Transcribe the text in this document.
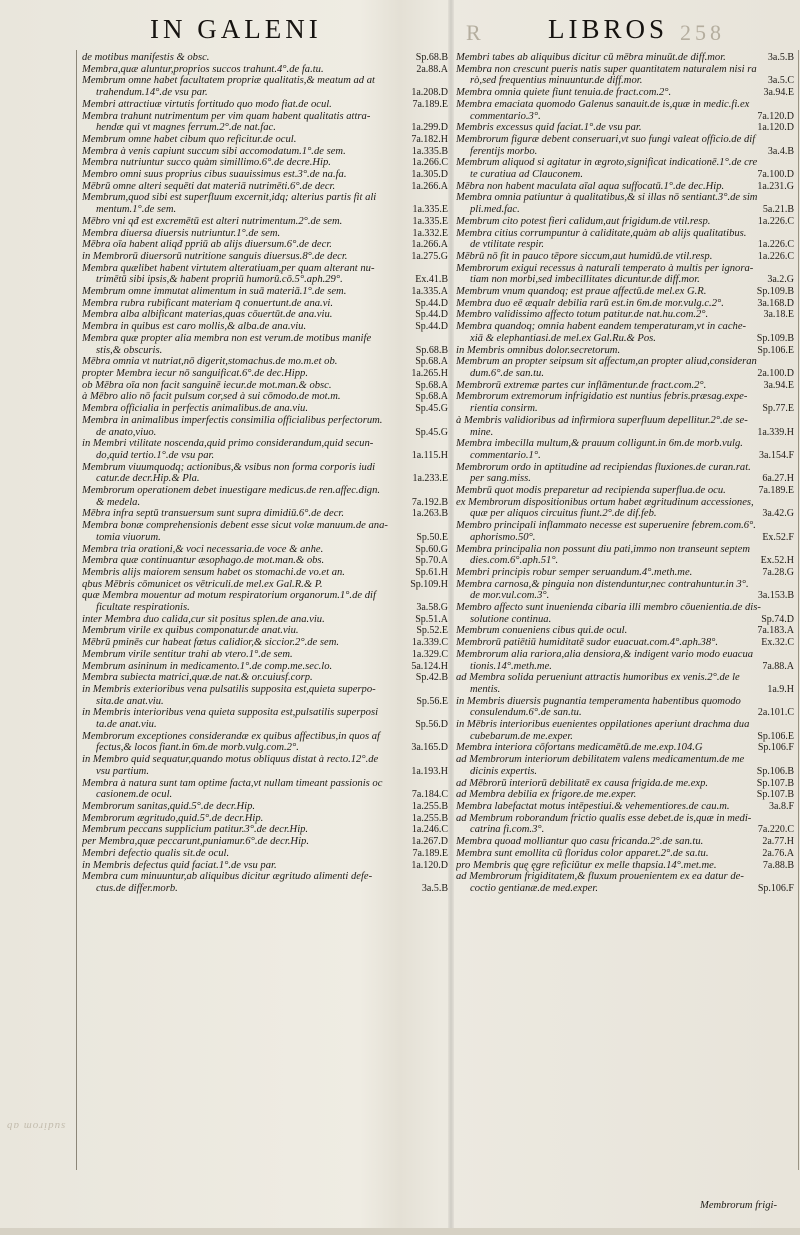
258
R
IN GALENI	LIBROS
de motibus manifestis & obsc.	Sp.68.B
Membra,quæ aluntur,proprios succos trahunt.4°.de fa.tu.	2a.88.A
Membrum omne habet facultatem propriæ qualitatis,& meatum ad at
trahendum.14°.de vsu par.	1a.208.D
Membri attractiuæ virtutis fortitudo quo modo fiat.de ocul.	7a.189.E
Membra trahunt nutrimentum per vim quam habent qualitatis attra-
hendæ qui vt magnes ferrum.2°.de nat.fac.	1a.299.D
Membrum omne habet cibum quo reficitur.de ocul.	7a.182.H
Membra à venis capiunt succum sibi accomodatum.1°.de sem.	1a.335.B
Membra nutriuntur succo quàm simillimo.6°.de decre.Hip.	1a.266.C
Membro omni suus proprius cibus suauissimus est.3°.de na.fa.	1a.305.D
Mēbrū omne alteri sequēti dat materiā nutrimēti.6°.de decr.	1a.266.A
Membrum,quod sibi est superfluum excernit,idq; alterius partis fit ali
mentum.1°.de sem.	1a.335.E
Mēbro vni qđ est excremētū est alteri nutrimentum.2°.de sem.	1a.335.E
Membra diuersa diuersis nutriuntur.1°.de sem.	1a.332.E
Mēbra oīa habent aliqđ ppriū ab alijs diuersum.6°.de decr.	1a.266.A
in Membrorū diuersorū nutritione sanguis diuersus.8°.de decr.	1a.275.G
Membra quælibet habent virtutem alteratiuam,per quam alterant nu-
trimētū sibi ipsis,& habent propriū humorū.cō.5°.aph.29°.	Ex.41.B
Membrum omne immutat alimentum in suā materiā.1°.de sem.	1a.335.A
Membra rubra rubificant materiam q̄ conuertunt.de ana.vi.	Sp.44.D
Membra alba albificant materias,quas cōuertūt.de ana.viu.	Sp.44.D
Membra in quibus est caro mollis,& alba.de ana.viu.	Sp.44.D
Membra quæ propter alia membra non est verum.de motibus manife
stis,& obscuris.	Sp.68.B
Mēbra omnia vt nutriat,nō digerit,stomachus.de mo.m.et ob.	Sp.68.A
propter Membra iecur nō sanguificat.6°.de dec.Hipp.	1a.265.H
ob Mēbra oīa non facit sanguinē iecur.de mot.man.& obsc.	Sp.68.A
à Mēbro alio nō facit pulsum cor,sed à sui cōmodo.de mot.m.	Sp.68.A
Membra officialia in perfectis animalibus.de ana.viu.	Sp.45.G
Membra in animalibus imperfectis consimilia officialibus perfectorum.
de anato,viuo.	Sp.45.G
in Membri vtilitate noscenda,quid primo considerandum,quid secun-
do,quid tertio.1°.de vsu par.	1a.115.H
Membrum viuumquodq; actionibus,& vsibus non forma corporis iudi
catur.de decr.Hip.& Pla.	1a.233.E
Membrorum operationem debet inuestigare medicus.de ren.affec.dign.
& medela.	7a.192.B
Mēbra infra septū transuersum sunt supra dimidiū.6°.de decr.	1a.263.B
Membra bonæ comprehensionis debent esse sicut volæ manuum.de ana-
tomia viuorum.	Sp.50.E
Membra tria orationi,& voci necessaria.de voce & anhe.	Sp.60.G
Membra quæ continuantur æsophago.de mot.man.& obs.	Sp.70.A
Membris alijs maiorem sensum habet os stomachi.de vo.et an.	Sp.61.H
qbus Mēbris cōmunicet os vētriculi.de mel.ex Gal.R.& P.	Sp.109.H
quæ Membra mouentur ad motum respiratorium organorum.1°.de dif
ficultate respirationis.	3a.58.G
inter Membra duo calida,cur sit positus splen.de ana.viu.	Sp.51.A
Membrum virile ex quibus componatur.de anat.viu.	Sp.52.E
Mēbrū pminēs cur habeat fœtus calidior,& siccior.2°.de sem.	1a.339.C
Membrum virile sentitur trahi ab vtero.1°.de sem.	1a.329.C
Membrum asininum in medicamento.1°.de comp.me.sec.lo.	5a.124.H
Membra subiecta matrici,quæ.de nat.& or.cuiusf.corp.	Sp.42.B
in Membris exterioribus vena pulsatilis supposita est,quieta superpo-
sita.de anat.viu.	Sp.56.E
in Membris interioribus vena quieta supposita est,pulsatilis superposi
ta.de anat.viu.	Sp.56.D
Membrorum exceptiones considerandæ ex quibus affectibus,in quos af
fectus,& locos fiant.in 6m.de morb.vulg.com.2°.	3a.165.D
in Membro quid sequatur,quando motus obliquus distat à recto.12°.de
vsu partium.	1a.193.H
Membra à natura sunt tam optime facta,vt nullam timeant passionis oc
casionem.de ocul.	7a.184.C
Membrorum sanitas,quid.5°.de decr.Hip.	1a.255.B
Membrorum ægritudo,quid.5°.de decr.Hip.	1a.255.B
Membrum peccans supplicium patitur.3°.de decr.Hip.	1a.246.C
per Membra,quæ peccarunt,puniamur.6°.de decr.Hip.	1a.267.D
Membri defectio qualis sit.de ocul.	7a.189.E
in Membris defectus quid faciat.1°.de vsu par.	1a.120.D
Membra cum minuuntur,ab aliquibus dicitur ægritudo alimenti defe-
ctus.de differ.morb.	3a.5.B
Membri tabes ab aliquibus dicitur cū mēbra minuūt.de diff.mor.	3a.5.B
Membra non crescunt pueris natis super quantitatem naturalem nisi ra
rò,sed frequentius minuuntur.de diff.mor.	3a.5.C
Membra omnia quiete fiunt tenuia.de fract.com.2°.	3a.94.E
Membra emaciata quomodo Galenus sanauit.de is,quæ in medic.fi.ex
commentario.3°.	7a.120.D
Membris excessus quid faciat.1°.de vsu par.	1a.120.D
Membrorum figuræ debent conseruari,vt suo fungi valeat officio.de dif
ferentijs morbo.	3a.4.B
Membrum aliquod si agitatur in ægroto,significat indicationē.1°.de cre
te curatiua ad Clauconem.	7a.100.D
Mēbra non habent maculata aīal aqua suffocatū.1°.de dec.Hip.	1a.231.G
Membra omnia patiuntur à qualitatibus,& si illas nō sentiant.3°.de sim
pli.med.fac.	5a.21.B
Membrum cito potest fieri calidum,aut frigidum.de vtil.resp.	1a.226.C
Membra citius corrumpuntur à caliditate,quàm ab alijs qualitatibus.
de vtilitate respir.	1a.226.C
Mēbrū nō fit in pauco tēpore siccum,aut humidū.de vtil.resp.	1a.226.C
Membrorum exigui recessus à naturali temperato à multis per ignora-
tiam non morbi,sed imbecillitates dicuntur.de diff.mor.	3a.2.G
Membrum vnum quandoq; est praue affectū.de mel.ex G.R.	Sp.109.B
Membra duo eē æqualr debilia rarū est.in 6m.de mor.vulg.c.2°.	3a.168.D
Membro validissimo affecto totum patitur.de nat.hu.com.2°.	3a.18.E
Membra quandoq; omnia habent eandem temperaturam,vt in cache-
xiā & elephantiasi.de mel.ex Gal.Ru.& Pos.	Sp.109.B
in Membris omnibus dolor.secretorum.	Sp.106.E
Membrum an propter seipsum sit affectum,an propter aliud,consideran
dum.6°.de san.tu.	2a.100.D
Membrorū extremæ partes cur inflāmentur.de fract.com.2°.	3a.94.E
Membrorum extremorum infrigidatio est nuntius febris.præsag.expe-
rientia consirm.	Sp.77.E
à Membris validioribus ad infirmiora superfluum depellitur.2°.de se-
mine.	1a.339.H
Membra imbecilla multum,& prauum colligunt.in 6m.de morb.vulg.
commentario.1°.	3a.154.F
Membrorum ordo in aptitudine ad recipiendas fluxiones.de curan.rat.
per sang.miss.	6a.27.H
Membrū quot modis preparetur ad recipienda superflua.de ocu.	7a.189.E
ex Membrorum dispositionibus ortum habet ægritudinum accessiones,
quæ per aliquos circuitus fiunt.2°.de dif.feb.	3a.42.G
Membro principali inflammato necesse est superuenire febrem.com.6°.
aphorismo.50°.	Ex.52.F
Membra principalia non possunt diu pati,immo non transeunt septem
dies.com.6°.aph.51°.	Ex.52.H
Membri principis robur semper seruandum.4°.meth.me.	7a.28.G
Membra carnosa,& pinguia non distenduntur,nec contrahuntur.in 3°.
de mor.vul.com.3°.	3a.153.B
Membro affecto sunt inuenienda cibaria illi membro cōuenientia.de dis-
solutione continua.	Sp.74.D
Membrum conueniens cibus qui.de ocul.	7a.183.A
Membrorū patiētiū humiditatē sudor euacuat.com.4°.aph.38°.	Ex.32.C
Membrorum alia rariora,alia densiora,& indigent vario modo euacua
tionis.14°.meth.me.	7a.88.A
ad Membra solida perueniunt attractis humoribus ex venis.2°.de le
mentis.	1a.9.H
in Membris diuersis pugnantia temperamenta habentibus quomodo
consulendum.6°.de san.tu.	2a.101.C
in Mēbris interioribus euenientes oppilationes aperiunt drachma dua
cubebarum.de me.exper.	Sp.106.E
Membra interiora cōfortans medicamētū.de me.exp.104.G	Sp.106.F
ad Membrorum interiorum debilitatem valens medicamentum.de me
dicinis expertis.	Sp.106.B
ad Mēbrorū interiorū debilitatē ex causa frigida.de me.exp.	Sp.107.B
ad Membra debilia ex frigore.de me.exper.	Sp.107.B
Membra labefactat motus intēpestiui.& vehementiores.de cau.m.	3a.8.F
ad Membrum roborandum frictio qualis esse debet.de is,quæ in medi-
catrina fi.com.3°.	7a.220.C
Membra quoad molliantur quo casu fricanda.2°.de san.tu.	2a.77.H
Membra sunt emollita cū floridus color apparet.2°.de sa.tu.	2a.76.A
pro Membris quę ęgre reficiūtur ex melle thapsia.14°.met.me.	7a.88.B
ad Membrorum frigiditatem,& fluxum prouenientem ex ea datur de-
coctio gentianæ.de med.exper.	Sp.106.F
sudirom ab
Membrorum frigi-
